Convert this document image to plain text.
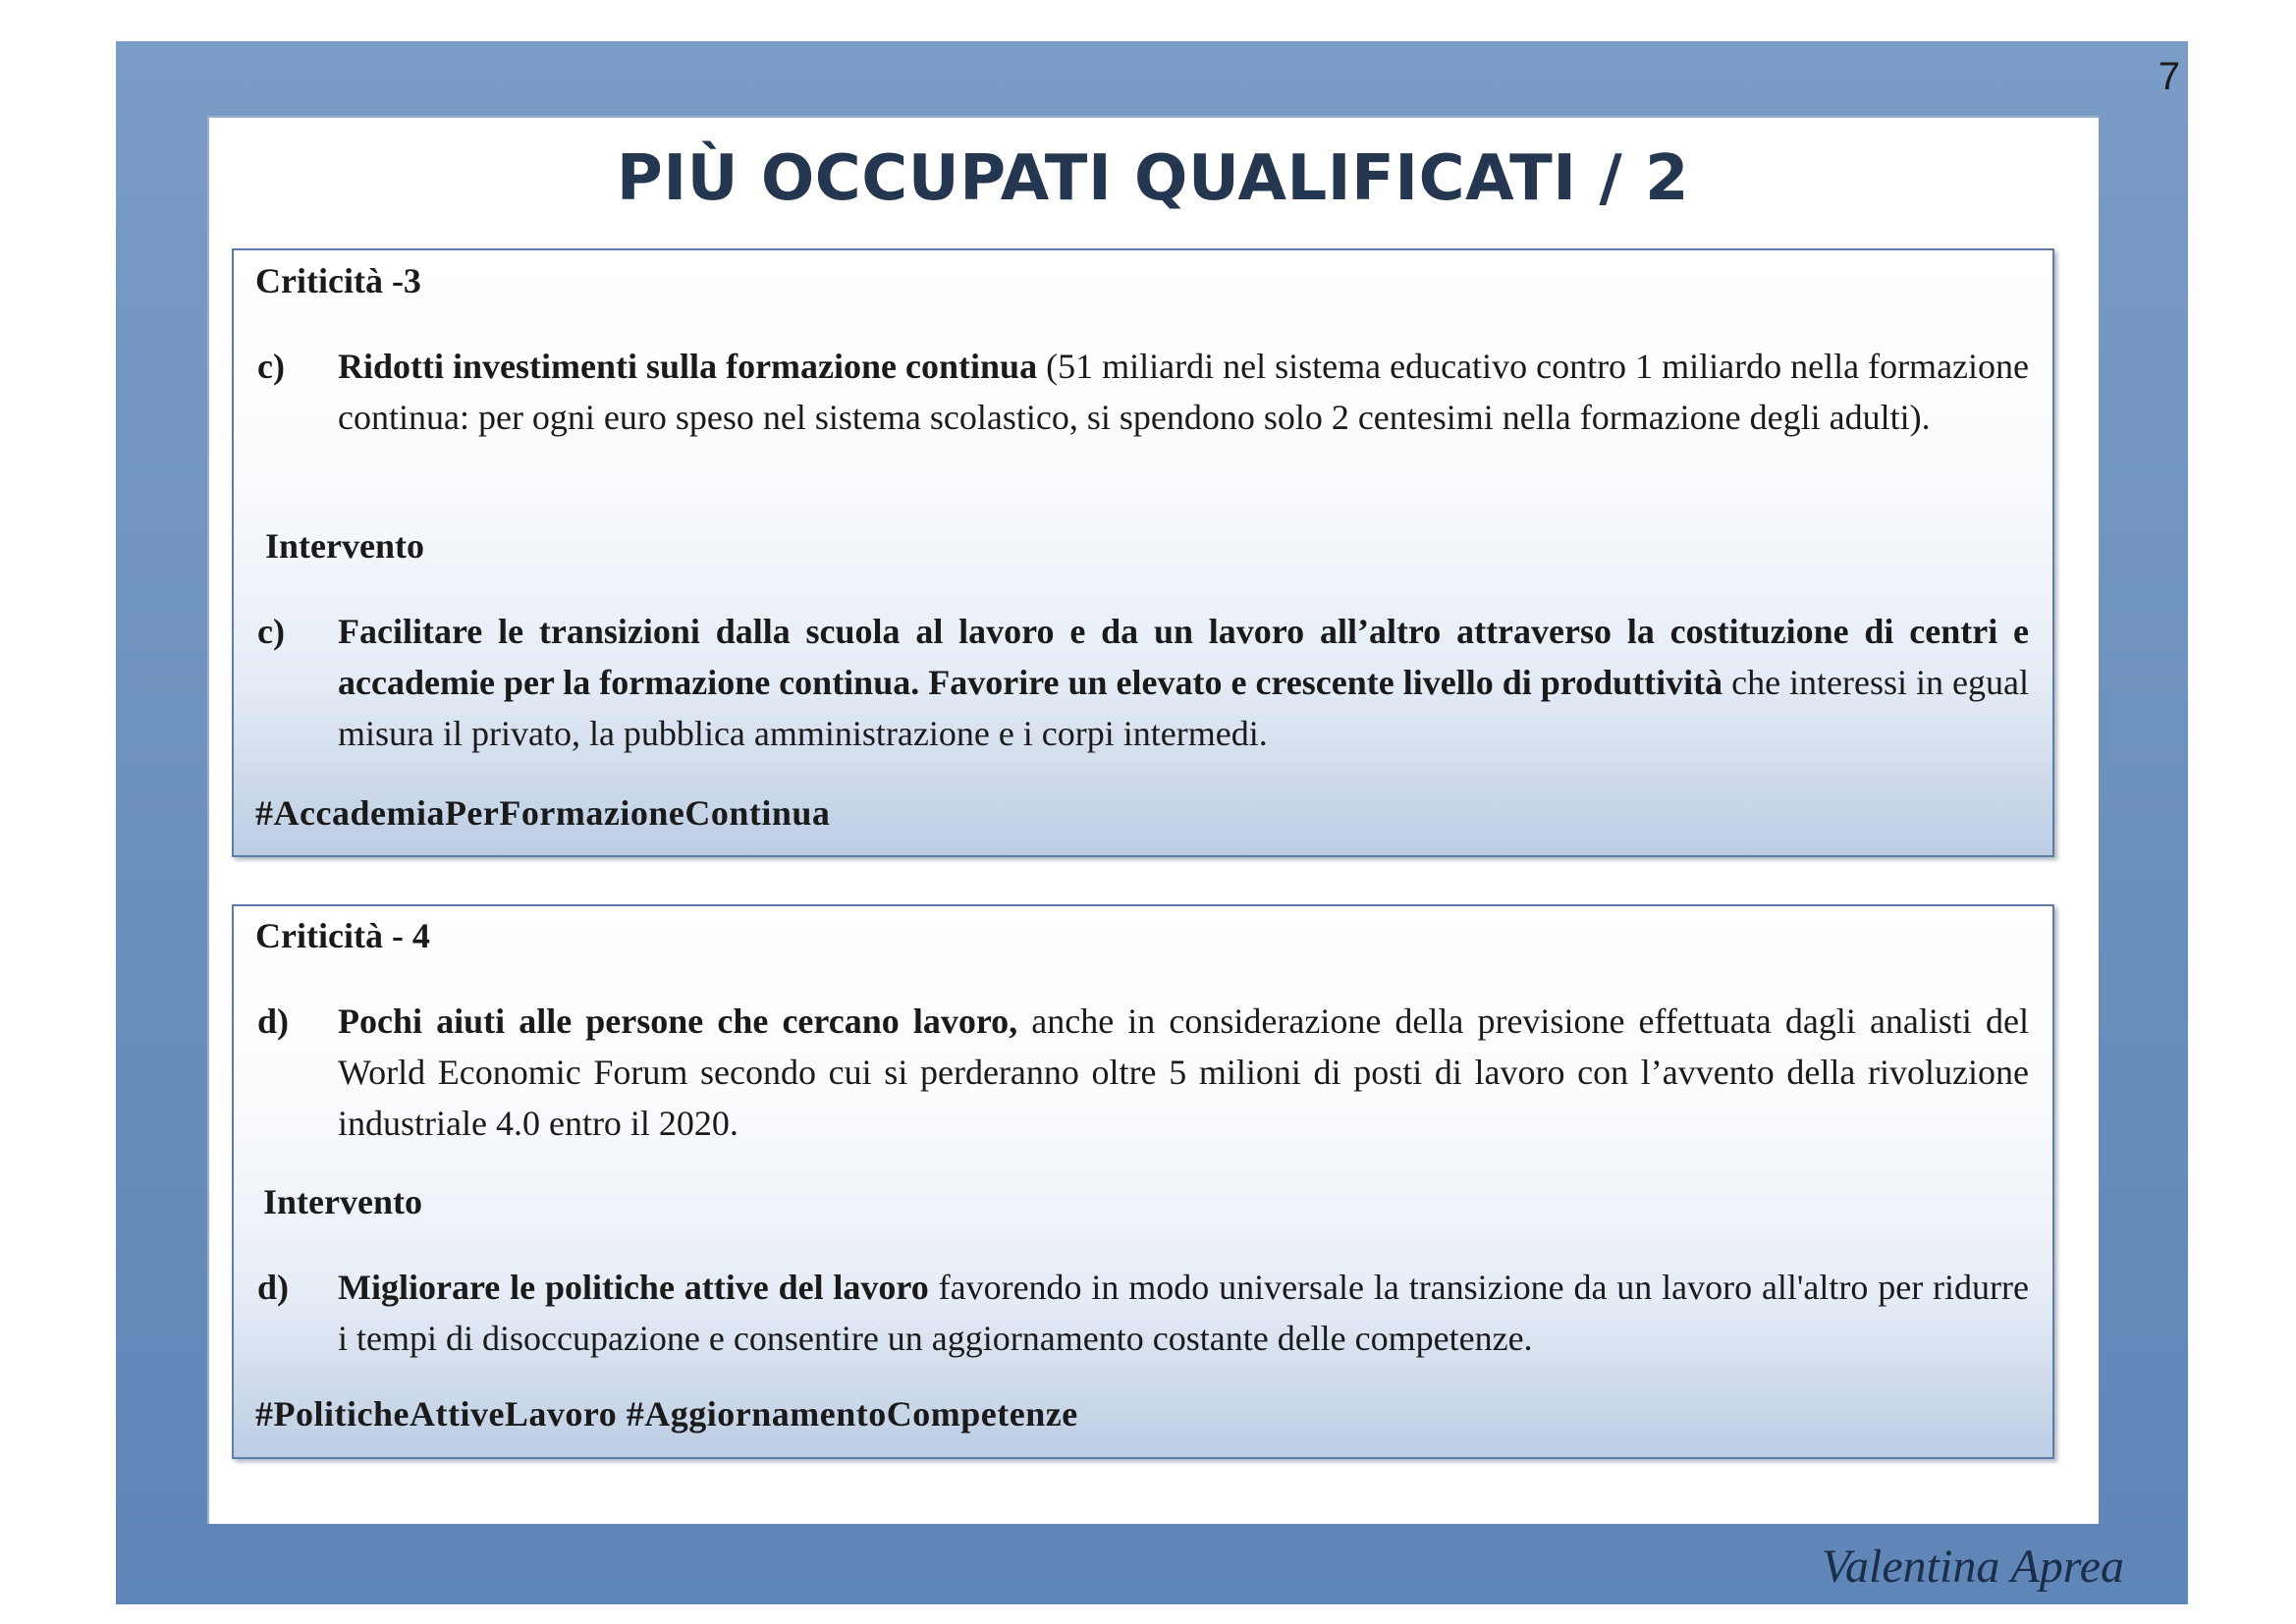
7
PIÙ OCCUPATI QUALIFICATI / 2
Criticità -3
c)	Ridotti investimenti sulla formazione continua (51 miliardi nel sistema educativo contro 1 miliardo nella formazione continua: per ogni euro speso nel sistema scolastico, si spendono solo 2 centesimi nella formazione degli adulti).
Intervento
c)	Facilitare le transizioni dalla scuola al lavoro e da un lavoro all’altro attraverso la costituzione di centri e accademie per la formazione continua. Favorire un elevato e crescente livello di produttività che interessi in egual misura il privato, la pubblica amministrazione e i corpi intermedi.
#AccademiaPerFormazioneContinua
Criticità - 4
d)	Pochi aiuti alle persone che cercano lavoro, anche in considerazione della previsione effettuata dagli analisti del World Economic Forum secondo cui si perderanno oltre 5 milioni di posti di lavoro con l’avvento della rivoluzione industriale 4.0 entro il 2020.
Intervento
d)	Migliorare le politiche attive del lavoro favorendo in modo universale la transizione da un lavoro all'altro per ridurre i tempi di disoccupazione e consentire un aggiornamento costante delle competenze.
#PoliticheAttiveLavoro #AggiornamentoCompetenze
Valentina Aprea
